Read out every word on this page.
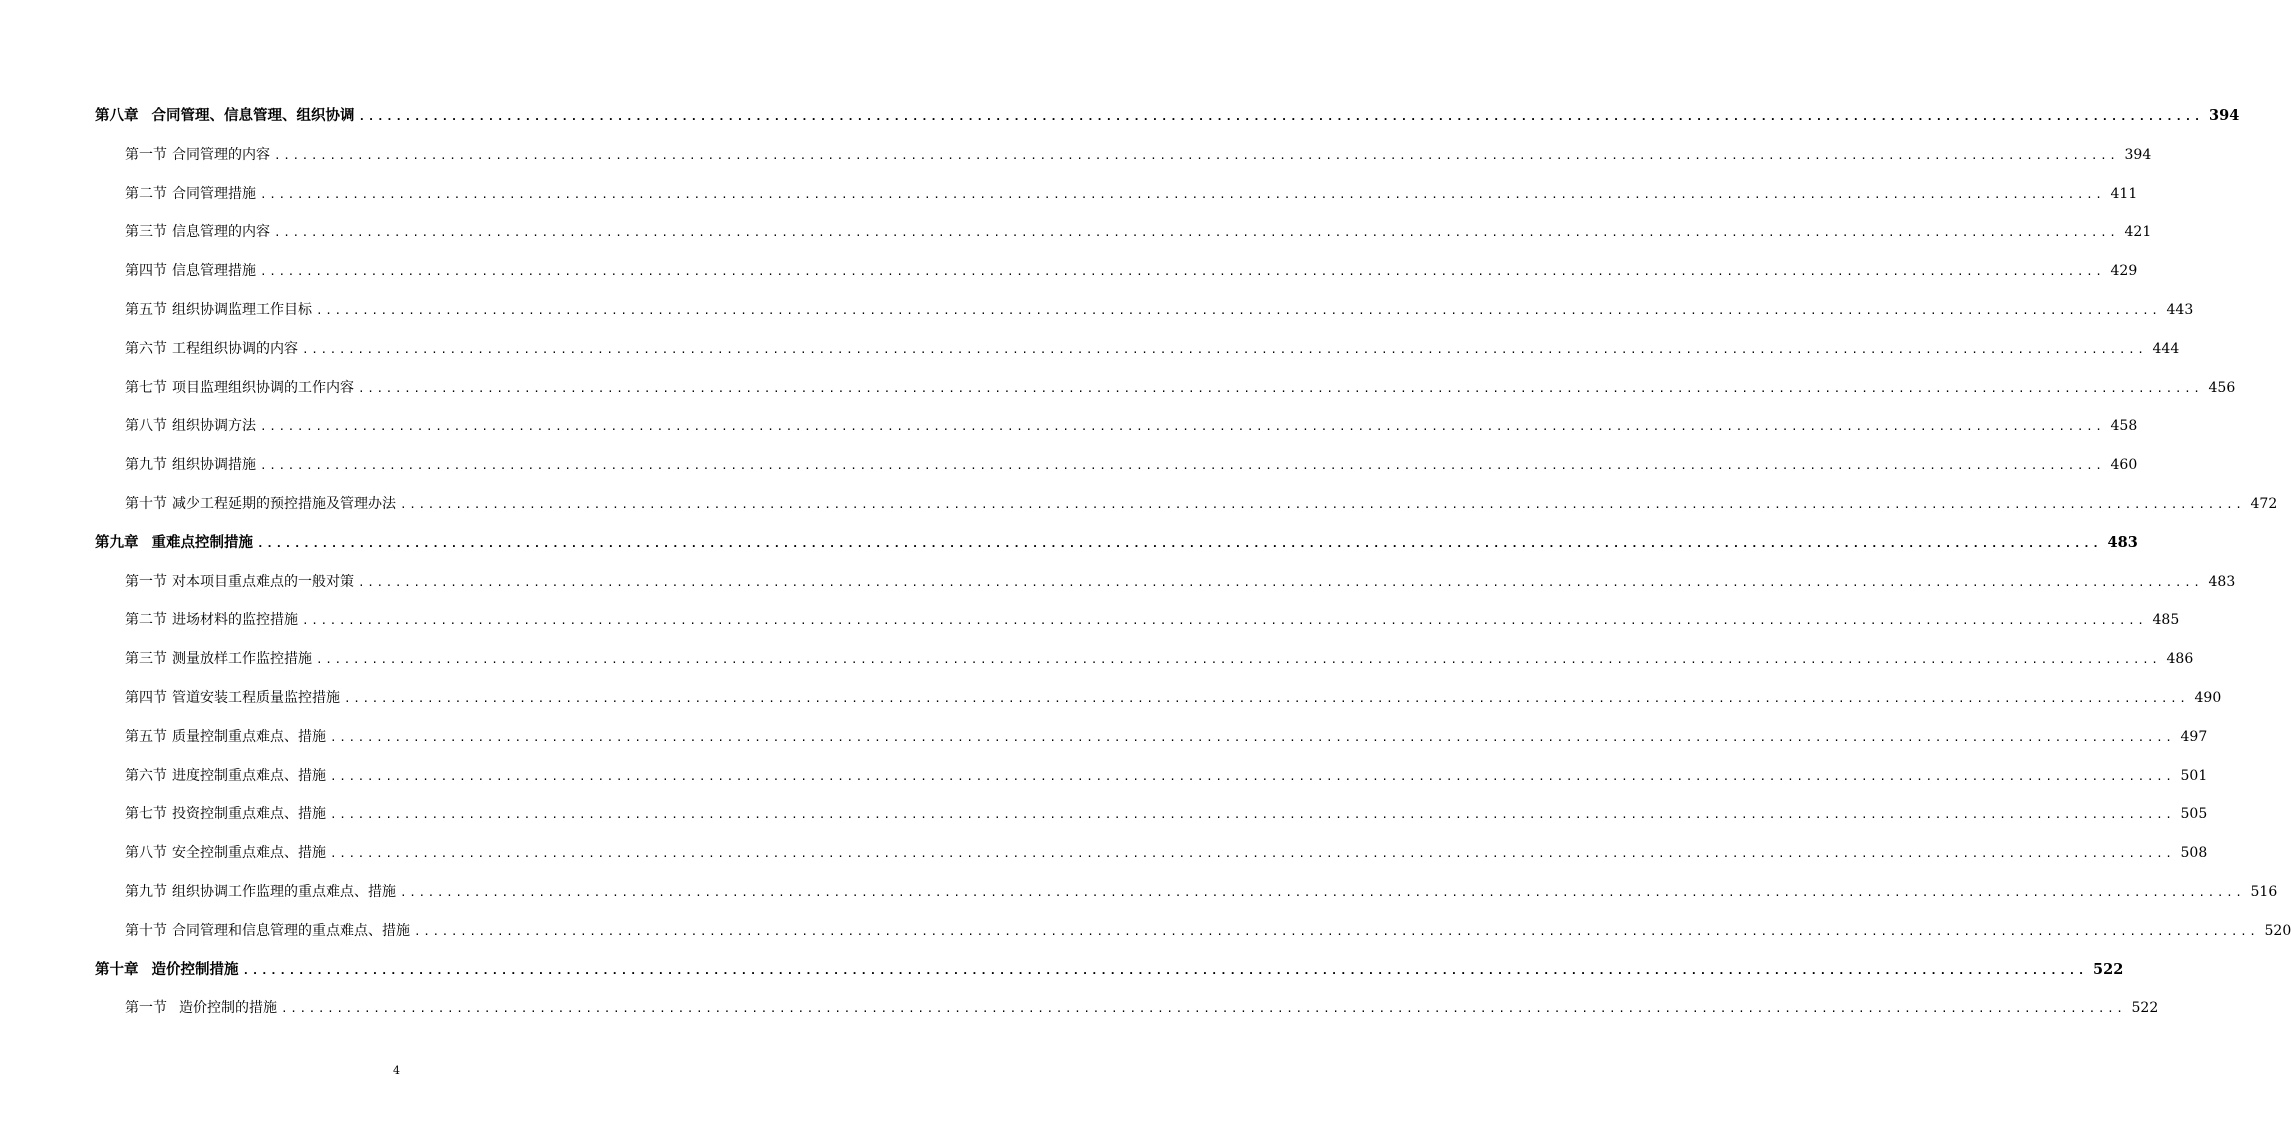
第八章 合同管理、信息管理、组织协调 ........................................................................................................................................................................................................ 394
第一节 合同管理的内容 ........................................................................................................................................................................................................ 394
第二节 合同管理措施 ........................................................................................................................................................................................................ 411
第三节 信息管理的内容 ........................................................................................................................................................................................................ 421
第四节 信息管理措施 ........................................................................................................................................................................................................ 429
第五节 组织协调监理工作目标 ........................................................................................................................................................................................................ 443
第六节 工程组织协调的内容 ........................................................................................................................................................................................................ 444
第七节 项目监理组织协调的工作内容 ........................................................................................................................................................................................................ 456
第八节 组织协调方法 ........................................................................................................................................................................................................ 458
第九节 组织协调措施 ........................................................................................................................................................................................................ 460
第十节 减少工程延期的预控措施及管理办法 ........................................................................................................................................................................................................ 472
第九章 重难点控制措施 ........................................................................................................................................................................................................ 483
第一节 对本项目重点难点的一般对策 ........................................................................................................................................................................................................ 483
第二节 进场材料的监控措施 ........................................................................................................................................................................................................ 485
第三节 测量放样工作监控措施 ........................................................................................................................................................................................................ 486
第四节 管道安装工程质量监控措施 ........................................................................................................................................................................................................ 490
第五节 质量控制重点难点、措施 ........................................................................................................................................................................................................ 497
第六节 进度控制重点难点、措施 ........................................................................................................................................................................................................ 501
第七节 投资控制重点难点、措施 ........................................................................................................................................................................................................ 505
第八节 安全控制重点难点、措施 ........................................................................................................................................................................................................ 508
第九节 组织协调工作监理的重点难点、措施 ........................................................................................................................................................................................................ 516
第十节 合同管理和信息管理的重点难点、措施 ........................................................................................................................................................................................................ 520
第十章 造价控制措施 ........................................................................................................................................................................................................ 522
第一节 造价控制的措施 ........................................................................................................................................................................................................ 522
4
